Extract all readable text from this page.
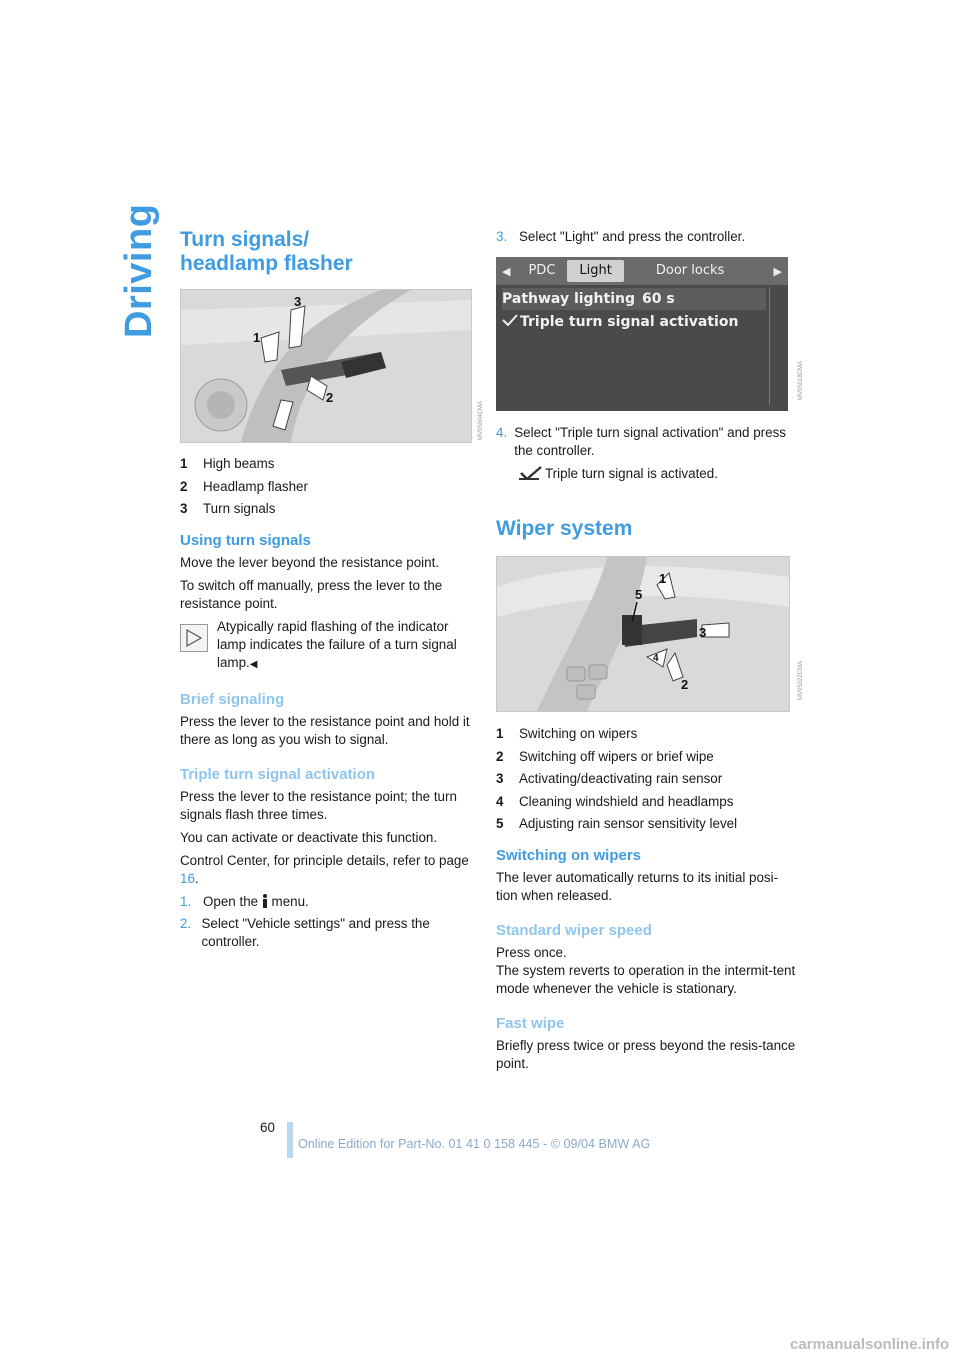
Driving Turn signals/
headlamp flasher
1
2
3
1	High beams
2	Headlamp flasher
3	Turn signals
Using turn signals

Move the lever beyond the resistance point.

To switch off manually, press the lever to the resistance point.

Atypically rapid flashing of the indicator lamp indicates the failure of a turn signal lamp.◀
Brief signaling

Press the lever to the resistance point and hold it there as long as you wish to signal.

Triple turn signal activation

Press the lever to the resistance point; the turn signals flash three times.

You can activate or deactivate this function.

Control Center, for principle details, refer to page 16.

1. Open the  menu.
2. Select "Vehicle settings" and press the controller.
MV05004CMA
3. Select "Light" and press the controller.
◀	PDC	Light	Door locks	▶
Pathway lighting 60 s
Triple turn signal activation
4. Select "Triple turn signal activation" and press the controller.
Triple turn signal is activated.
Wiper system
1
2
3
4
5
1	Switching on wipers
2	Switching off wipers or brief wipe
3	Activating/deactivating rain sensor
4	Cleaning windshield and headlamps
5	Adjusting rain sensor sensitivity level
Switching on wipers

The lever automatically returns to its initial posi-tion when released.

Standard wiper speed

Press once.

The system reverts to operation in the intermit-tent mode whenever the vehicle is stationary.

Fast wipe

Briefly press twice or press beyond the resis-tance point.

MV05018CMA
MV05022CMA
60
Online Edition for Part-No. 01 41 0 158 445 - © 09/04 BMW AG
carmanualsonline.info
